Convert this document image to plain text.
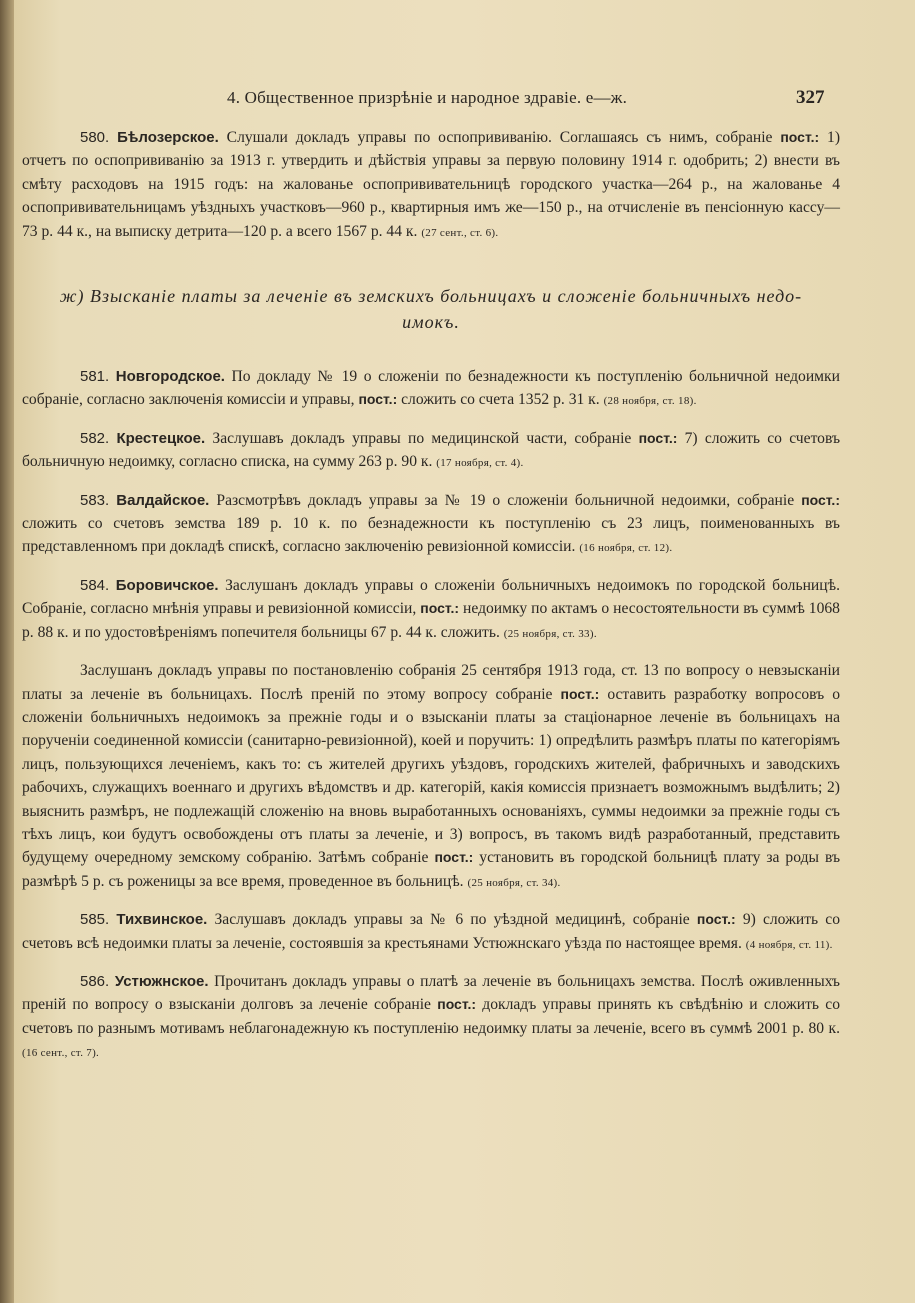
4. Общественное призрѣніе и народное здравіе. е—ж.	327

580. Бѣлозерское. Слушали докладъ управы по оспопрививанію. Соглашаясь съ нимъ, собраніе пост.: 1) отчетъ по оспопрививанію за 1913 г. утвердить и дѣйствія управы за первую половину 1914 г. одобрить; 2) внести въ смѣту расходовъ на 1915 годъ: на жалованье оспопрививательницѣ городского участка—264 р., на жалованье 4 оспопрививательницамъ уѣздныхъ участковъ—960 р., квартирныя имъ же—150 р., на отчисленіе въ пенсіонную кассу—73 р. 44 к., на выписку детрита—120 р. а всего 1567 р. 44 к. (27 сент., ст. 6).

ж) Взысканіе платы за леченіе въ земскихъ больницахъ и сложеніе больничныхъ недо-
имокъ.

581. Новгородское. По докладу № 19 о сложеніи по безнадежности къ поступленію больничной недоимки собраніе, согласно заключенія комиссіи и управы, пост.: сложить со счета 1352 р. 31 к. (28 ноября, ст. 18).

582. Крестецкое. Заслушавъ докладъ управы по медицинской части, собраніе пост.: 7) сложить со счетовъ больничную недоимку, согласно списка, на сумму 263 р. 90 к. (17 ноября, ст. 4).

583. Валдайское. Разсмотрѣвъ докладъ управы за № 19 о сложеніи больничной недоимки, собраніе пост.: сложить со счетовъ земства 189 р. 10 к. по безнадежности къ поступленію съ 23 лицъ, поименованныхъ въ представленномъ при докладѣ спискѣ, согласно заключенію ревизіонной комиссіи. (16 ноября, ст. 12).

584. Боровичское. Заслушанъ докладъ управы о сложеніи больничныхъ недоимокъ по городской больницѣ. Собраніе, согласно мнѣнія управы и ревизіонной комиссіи, пост.: недоимку по актамъ о несостоятельности въ суммѣ 1068 р. 88 к. и по удостовѣреніямъ попечителя больницы 67 р. 44 к. сложить. (25 ноября, ст. 33).

Заслушанъ докладъ управы по постановленію собранія 25 сентября 1913 года, ст. 13 по вопросу о невзысканіи платы за леченіе въ больницахъ. Послѣ преній по этому вопросу собраніе пост.: оставить разработку вопросовъ о сложеніи больничныхъ недоимокъ за прежніе годы и о взысканіи платы за стаціонарное леченіе въ больницахъ на порученіи соединенной комиссіи (санитарно-ревизіонной), коей и поручить: 1) опредѣлить размѣръ платы по категоріямъ лицъ, пользующихся леченіемъ, какъ то: съ жителей другихъ уѣздовъ, городскихъ жителей, фабричныхъ и заводскихъ рабочихъ, служащихъ военнаго и другихъ вѣдомствъ и др. категорій, какія комиссія признаетъ возможнымъ выдѣлить; 2) выяснить размѣръ, не подлежащій сложенію на вновь выработанныхъ основаніяхъ, суммы недоимки за прежніе годы съ тѣхъ лицъ, кои будутъ освобождены отъ платы за леченіе, и 3) вопросъ, въ такомъ видѣ разработанный, представить будущему очередному земскому собранію. Затѣмъ собраніе пост.: установить въ городской больницѣ плату за роды въ размѣрѣ 5 р. съ роженицы за все время, проведенное въ больницѣ. (25 ноября, ст. 34).

585. Тихвинское. Заслушавъ докладъ управы за № 6 по уѣздной медицинѣ, собраніе пост.: 9) сложить со счетовъ всѣ недоимки платы за леченіе, состоявшія за крестьянами Устюжнскаго уѣзда по настоящее время. (4 ноября, ст. 11).

586. Устюжнское. Прочитанъ докладъ управы о платѣ за леченіе въ больницахъ земства. Послѣ оживленныхъ преній по вопросу о взысканіи долговъ за леченіе собраніе пост.: докладъ управы принять къ свѣдѣнію и сложить со счетовъ по разнымъ мотивамъ неблагонадежную къ поступленію недоимку платы за леченіе, всего въ суммѣ 2001 р. 80 к. (16 сент., ст. 7).
